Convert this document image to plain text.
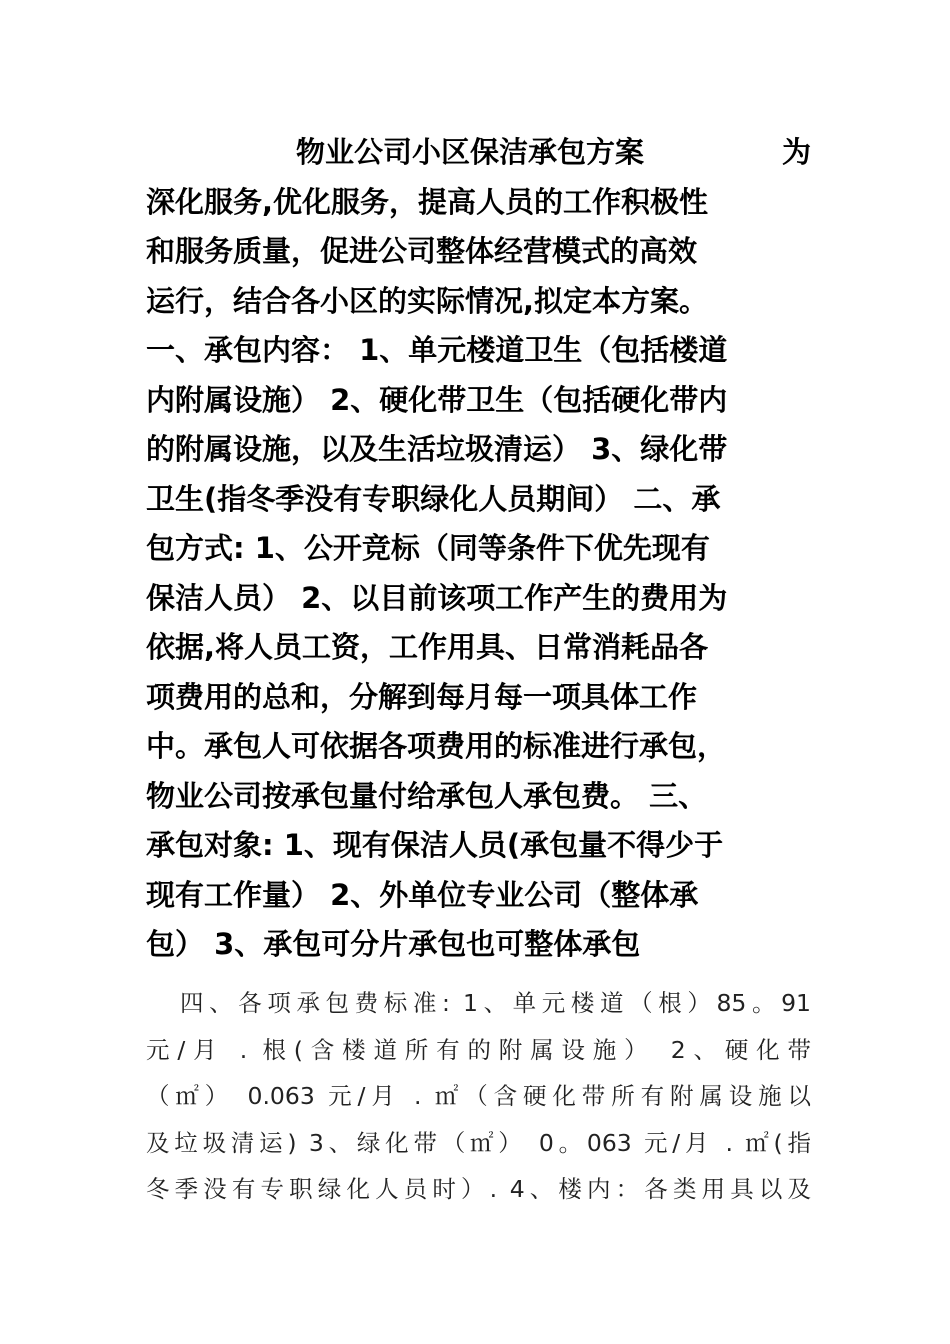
物业公司小区保洁承包方案	为
深化服务,优化服务，提高人员的工作积极性
和服务质量，促进公司整体经营模式的高效
运行，结合各小区的实际情况,拟定本方案。
一、承包内容： 1、单元楼道卫生（包括楼道
内附属设施） 2、硬化带卫生（包括硬化带内
的附属设施，以及生活垃圾清运） 3、绿化带
卫生(指冬季没有专职绿化人员期间） 二、承
包方式: 1、公开竞标（同等条件下优先现有
保洁人员） 2、以目前该项工作产生的费用为
依据,将人员工资，工作用具、日常消耗品各
项费用的总和，分解到每月每一项具体工作
中。承包人可依据各项费用的标准进行承包，
物业公司按承包量付给承包人承包费。 三、
承包对象: 1、现有保洁人员(承包量不得少于
现有工作量） 2、外单位专业公司（整体承
包） 3、承包可分片承包也可整体承包
四、各项承包费标准: 1、单元楼道（根）85。91
元/月 . 根(含楼道所有的附属设施） 2、硬化带
（㎡） 0.063 元/月 . ㎡（含硬化带所有附属设施以
及垃圾清运) 3、绿化带（㎡） 0。063 元/月 . ㎡(指
冬季没有专职绿化人员时）. 4、楼内：各类用具以及
